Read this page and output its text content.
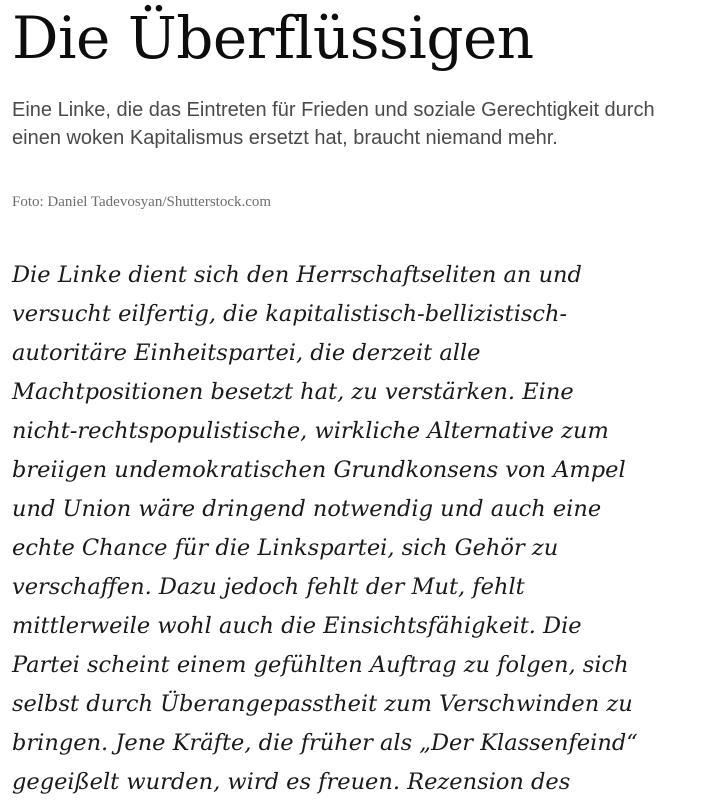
Die Überflüssigen

Eine Linke, die das Eintreten für Frieden und soziale Gerechtigkeit durch einen woken Kapitalismus ersetzt hat, braucht niemand mehr.

Foto: Daniel Tadevosyan/Shutterstock.com

Die Linke dient sich den Herrschaftseliten an und
versucht eilfertig, die kapitalistisch-bellizistisch-
autoritäre Einheitspartei, die derzeit alle
Machtpositionen besetzt hat, zu verstärken. Eine
nicht-rechtspopulistische, wirkliche Alternative zum
breiigen undemokratischen Grundkonsens von Ampel
und Union wäre dringend notwendig und auch eine
echte Chance für die Linkspartei, sich Gehör zu
verschaffen. Dazu jedoch fehlt der Mut, fehlt
mittlerweile wohl auch die Einsichtsfähigkeit. Die
Partei scheint einem gefühlten Auftrag zu folgen, sich
selbst durch Überangepasstheit zum Verschwinden zu
bringen. Jene Kräfte, die früher als „Der Klassenfeind“
gegeißelt wurden, wird es freuen. Rezension des
